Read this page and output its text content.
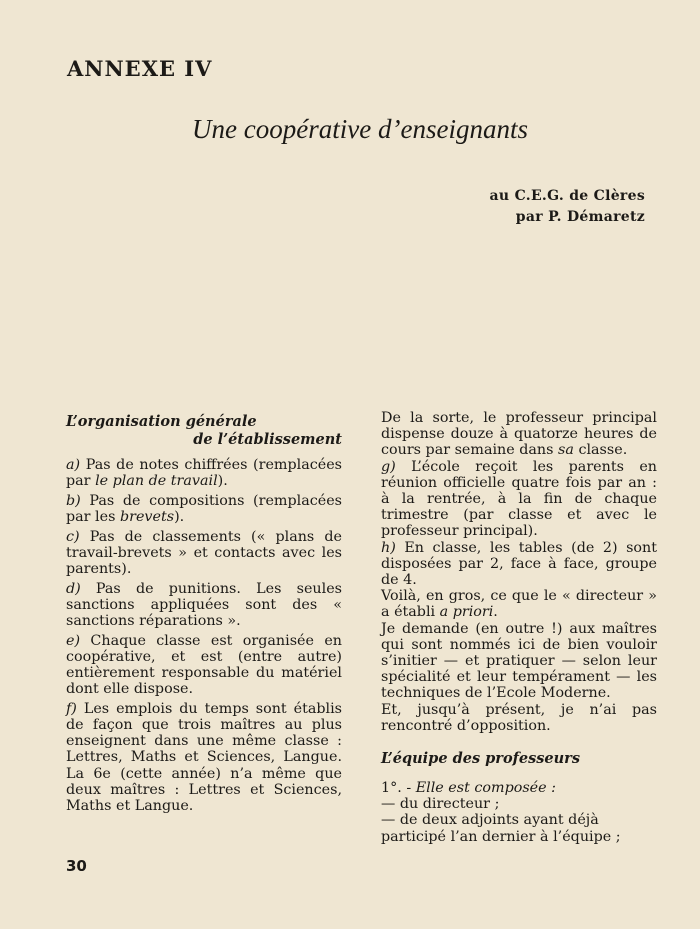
ANNEXE IV
Une coopérative d’enseignants
au C.E.G. de Clères
par P. Démaretz
L’organisation générale
de l’établissement

a) Pas de notes chiffrées (remplacées par le plan de travail).

b) Pas de compositions (remplacées par les brevets).

c) Pas de classements (« plans de travail-brevets » et contacts avec les parents).

d) Pas de punitions. Les seules sanctions appliquées sont des « sanctions réparations ».

e) Chaque classe est organisée en coopérative, et est (entre autre) entièrement responsable du matériel dont elle dispose.

f) Les emplois du temps sont établis de façon que trois maîtres au plus enseignent dans une même classe : Lettres, Maths et Sciences, Langue. La 6e (cette année) n’a même que deux maîtres : Lettres et Sciences, Maths et Langue.

De la sorte, le professeur principal dispense douze à quatorze heures de cours par semaine dans sa classe.

g) L’école reçoit les parents en réunion officielle quatre fois par an : à la rentrée, à la fin de chaque trimestre (par classe et avec le professeur principal).

h) En classe, les tables (de 2) sont disposées par 2, face à face, groupe de 4.

Voilà, en gros, ce que le « directeur » a établi a priori.

Je demande (en outre !) aux maîtres qui sont nommés ici de bien vouloir s’initier — et pratiquer — selon leur spécialité et leur tempérament — les techniques de l’Ecole Moderne.

Et, jusqu’à présent, je n’ai pas rencontré d’opposition.

L’équipe des professeurs

1°. - Elle est composée :

— du directeur ;

— de deux adjoints ayant déjà participé l’an dernier à l’équipe ;

30
